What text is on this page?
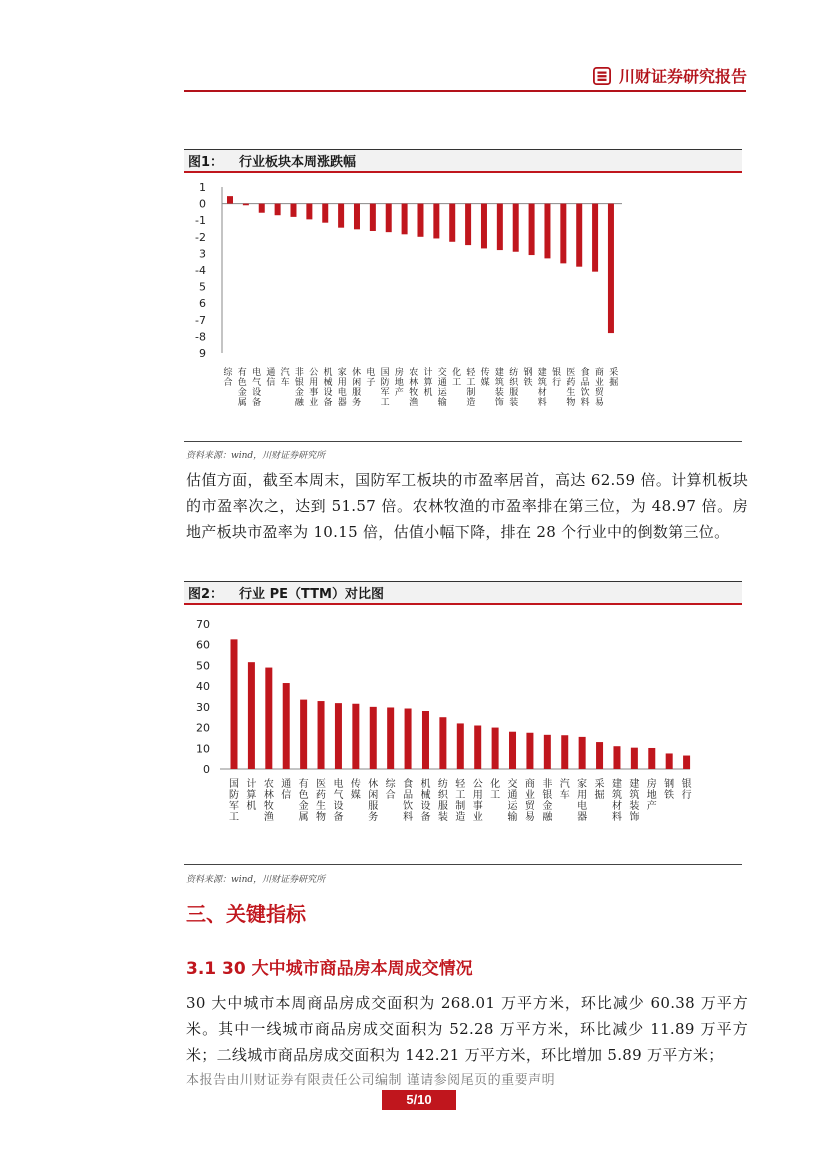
川财证券研究报告
图1： 行业板块本周涨跌幅
1
0
-1
-2
3
-4
5
6
-7
-8
9
综合
有色金属
电气设备
通信
汽车
非银金融
公用事业
机械设备
家用电器
休闲服务
电子
国防军工
房地产
农林牧渔
计算机
交通运输
化工
轻工制造
传媒
建筑装饰
纺织服装
钢铁
建筑材料
银行
医药生物
食品饮料
商业贸易
采掘
资料来源：wind，川财证券研究所
估值方面，截至本周末，国防军工板块的市盈率居首，高达 62.59 倍。计算机板块的市盈率次之，达到 51.57 倍。农林牧渔的市盈率排在第三位，为 48.97 倍。房地产板块市盈率为 10.15 倍，估值小幅下降，排在 28 个行业中的倒数第三位。
图2： 行业 PE（TTM）对比图
0
10
20
30
40
50
60
70
国防军工
计算机
农林牧渔
通信
有色金属
医药生物
电气设备
传媒
休闲服务
综合
食品饮料
机械设备
纺织服装
轻工制造
公用事业
化工
交通运输
商业贸易
非银金融
汽车
家用电器
采掘
建筑材料
建筑装饰
房地产
钢铁
银行
资料来源：wind，川财证券研究所
三、关键指标
3.1 30 大中城市商品房本周成交情况
30 大中城市本周商品房成交面积为 268.01 万平方米，环比减少 60.38 万平方米。其中一线城市商品房成交面积为 52.28 万平方米，环比减少 11.89 万平方米；二线城市商品房成交面积为 142.21 万平方米，环比增加 5.89 万平方米；
本报告由川财证券有限责任公司编制 谨请参阅尾页的重要声明
5/10
